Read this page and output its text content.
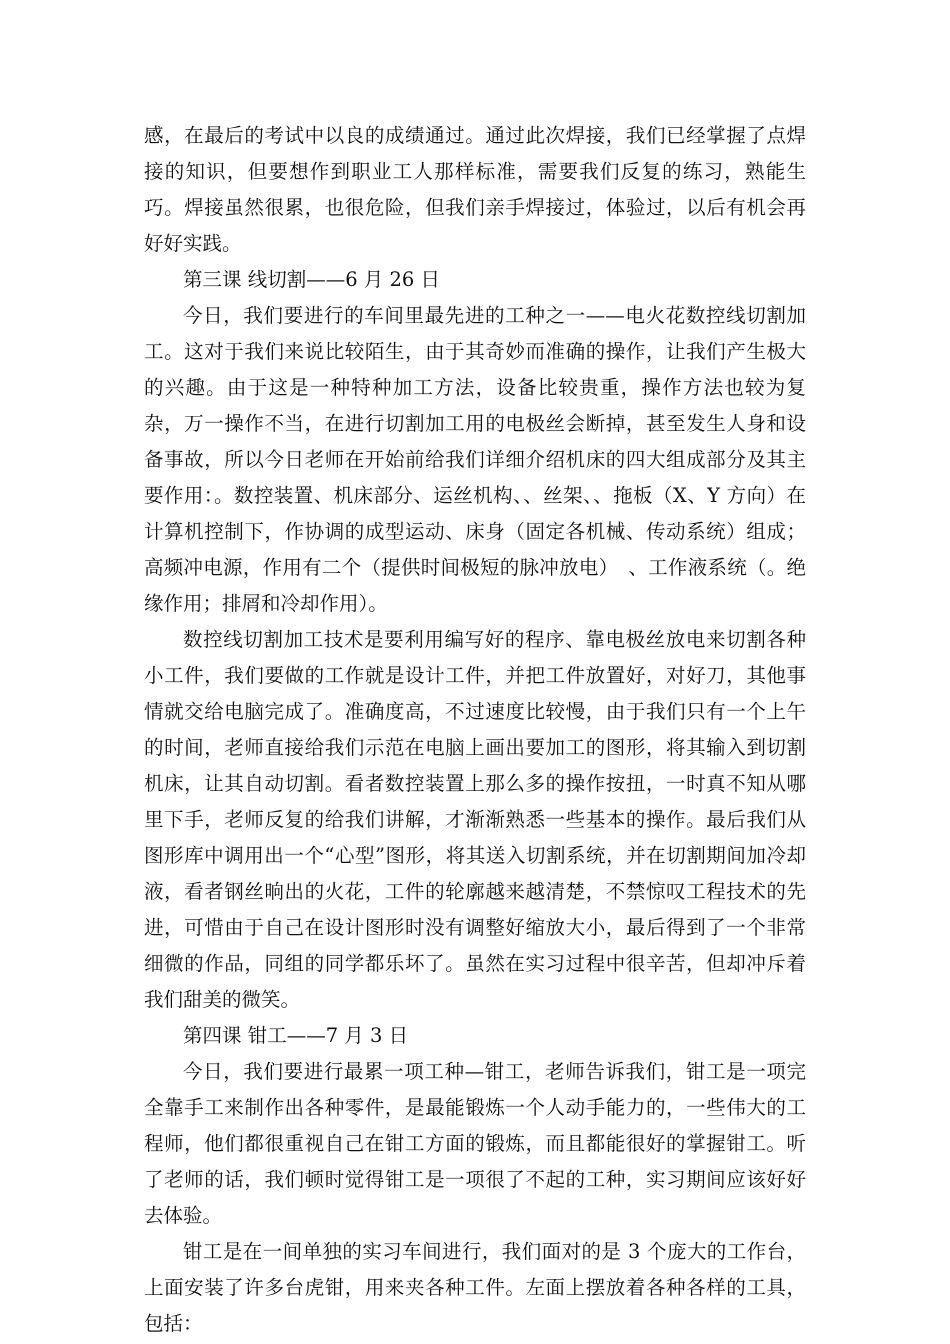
感，在最后的考试中以良的成绩通过。通过此次焊接，我们已经掌握了点焊接的知识，但要想作到职业工人那样标准，需要我们反复的练习，熟能生巧。焊接虽然很累，也很危险，但我们亲手焊接过，体验过，以后有机会再好好实践。

第三课 线切割——6 月 26 日

今日，我们要进行的车间里最先进的工种之一——电火花数控线切割加工。这对于我们来说比较陌生，由于其奇妙而准确的操作，让我们产生极大的兴趣。由于这是一种特种加工方法，设备比较贵重，操作方法也较为复杂，万一操作不当，在进行切割加工用的电极丝会断掉，甚至发生人身和设备事故，所以今日老师在开始前给我们详细介绍机床的四大组成部分及其主要作用：。数控装置、机床部分、运丝机构、、丝架、、拖板（X、Y 方向）在计算机控制下，作协调的成型运动、床身（固定各机械、传动系统）组成；高频冲电源，作用有二个（提供时间极短的脉冲放电）　、工作液系统（。绝缘作用；排屑和冷却作用）。

数控线切割加工技术是要利用编写好的程序、靠电极丝放电来切割各种小工件，我们要做的工作就是设计工件，并把工件放置好，对好刀，其他事情就交给电脑完成了。准确度高，不过速度比较慢，由于我们只有一个上午的时间，老师直接给我们示范在电脑上画出要加工的图形，将其输入到切割机床，让其自动切割。看者数控装置上那么多的操作按扭，一时真不知从哪里下手，老师反复的给我们讲解，才渐渐熟悉一些基本的操作。最后我们从图形库中调用出一个“心型”图形，将其送入切割系统，并在切割期间加冷却液，看者钢丝晌出的火花，工件的轮廓越来越清楚，不禁惊叹工程技术的先进，可惜由于自己在设计图形时没有调整好缩放大小，最后得到了一个非常细微的作品，同组的同学都乐坏了。虽然在实习过程中很辛苦，但却冲斥着我们甜美的微笑。

第四课 钳工——7 月 3 日

今日，我们要进行最累一项工种—钳工，老师告诉我们，钳工是一项完全靠手工来制作出各种零件，是最能锻炼一个人动手能力的，一些伟大的工程师，他们都很重视自己在钳工方面的锻炼，而且都能很好的掌握钳工。听了老师的话，我们顿时觉得钳工是一项很了不起的工种，实习期间应该好好去体验。

钳工是在一间单独的实习车间进行，我们面对的是 3 个庞大的工作台，上面安装了许多台虎钳，用来夹各种工件。左面上摆放着各种各样的工具，包括：
